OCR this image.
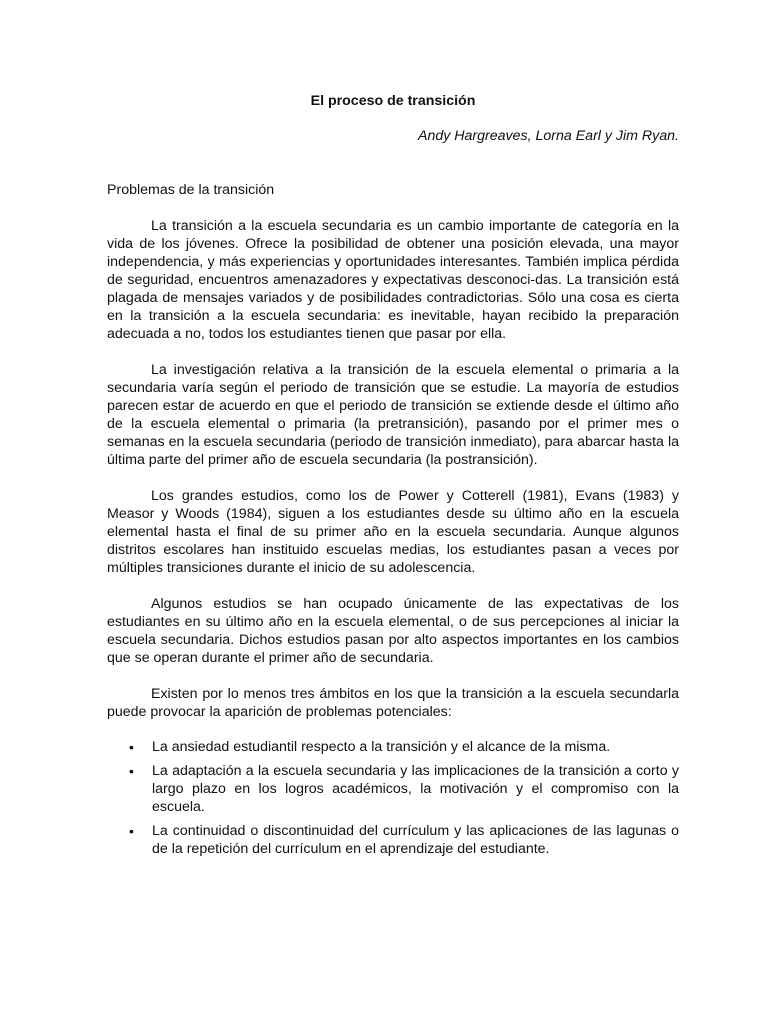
El proceso de transición
Andy Hargreaves, Lorna Earl y Jim Ryan.
Problemas de la transición

La transición a la escuela secundaria es un cambio importante de categoría en la vida de los jóvenes. Ofrece la posibilidad de obtener una posición elevada, una mayor independencia, y más experiencias y oportunidades interesantes. También implica pérdida de seguridad, encuentros amenazadores y expectativas desconoci-das. La transición está plagada de mensajes variados y de posibilidades contradictorias. Sólo una cosa es cierta en la transición a la escuela secundaria: es inevitable, hayan recibido la preparación adecuada a no, todos los estudiantes tienen que pasar por ella.

La investigación relativa a la transición de la escuela elemental o primaria a la secundaria varía según el periodo de transición que se estudie. La mayoría de estudios parecen estar de acuerdo en que el periodo de transición se extiende desde el último año de la escuela elemental o primaria (la pretransición), pasando por el primer mes o semanas en la escuela secundaria (periodo de transición inmediato), para abarcar hasta la última parte del primer año de escuela secundaria (la postransición).

Los grandes estudios, como los de Power y Cotterell (1981), Evans (1983) y Measor y Woods (1984), siguen a los estudiantes desde su último año en la escuela elemental hasta el final de su primer año en la escuela secundaria. Aunque algunos distritos escolares han instituido escuelas medias, los estudiantes pasan a veces por múltiples transiciones durante el inicio de su adolescencia.

Algunos estudios se han ocupado únicamente de las expectativas de los estudiantes en su último año en la escuela elemental, o de sus percepciones al iniciar la escuela secundaria. Dichos estudios pasan por alto aspectos importantes en los cambios que se operan durante el primer año de secundaria.

Existen por lo menos tres ámbitos en los que la transición a la escuela secundarla puede provocar la aparición de problemas potenciales:

• La ansiedad estudiantil respecto a la transición y el alcance de la misma.
• La adaptación a la escuela secundaria y las implicaciones de la transición a corto y largo plazo en los logros académicos, la motivación y el compromiso con la escuela.
• La continuidad o discontinuidad del currículum y las aplicaciones de las lagunas o de la repetición del currículum en el aprendizaje del estudiante.
